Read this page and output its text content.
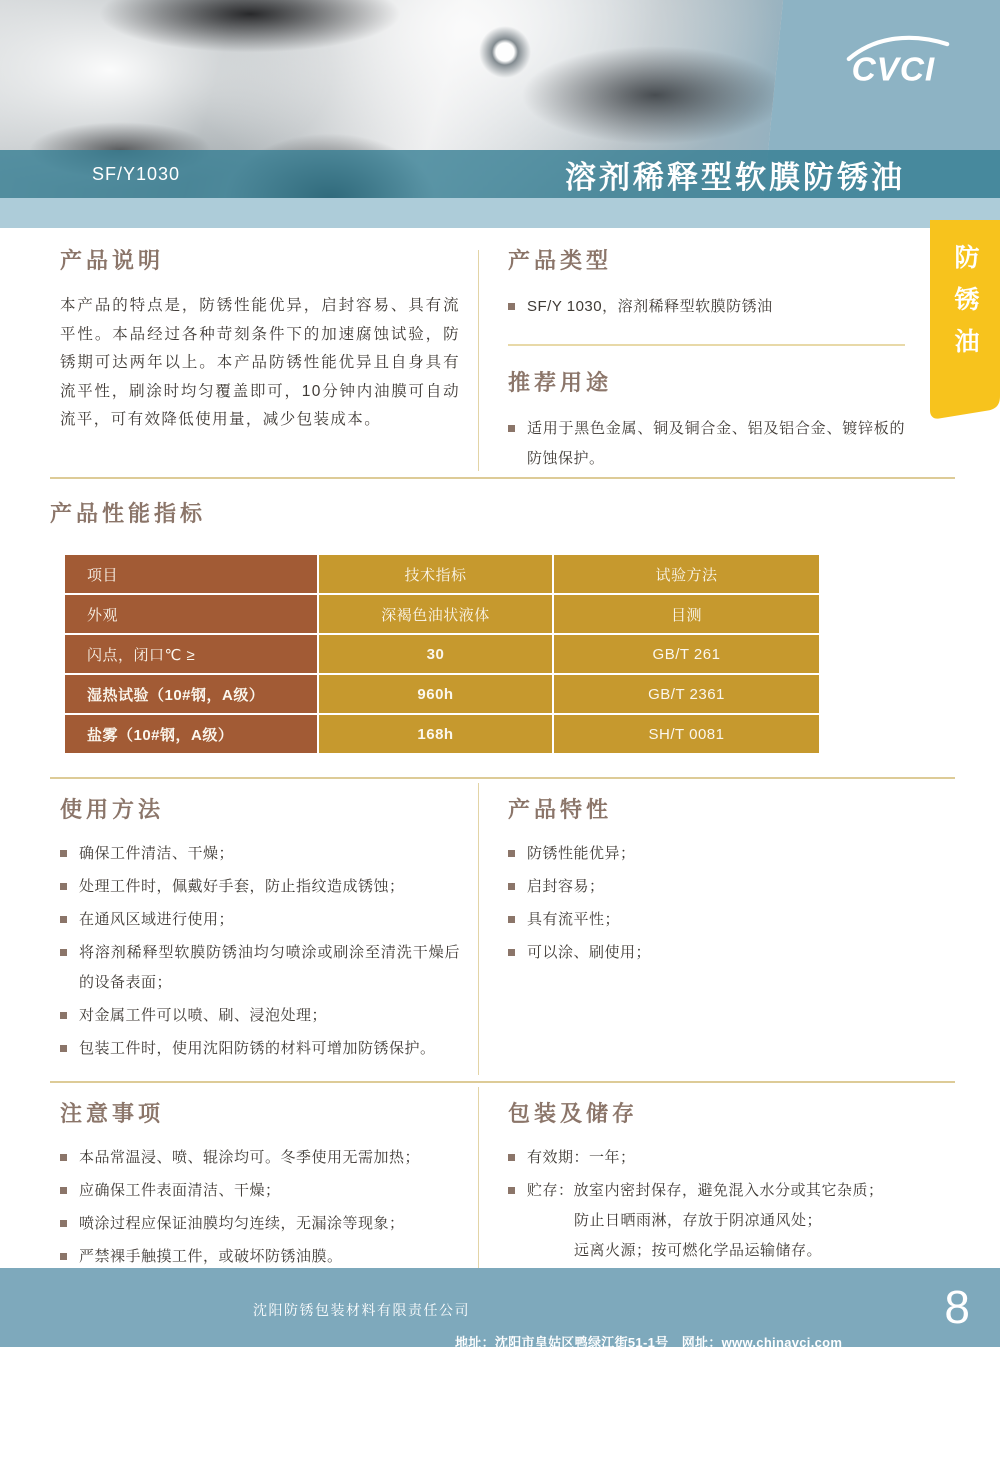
CVCI
SF/Y1030	溶剂稀释型软膜防锈油
防锈油
产品说明

本产品的特点是，防锈性能优异，启封容易、具有流平性。本品经过各种苛刻条件下的加速腐蚀试验，防锈期可达两年以上。本产品防锈性能优异且自身具有流平性，刷涂时均匀覆盖即可，10分钟内油膜可自动流平，可有效降低使用量，减少包装成本。

产品类型
SF/Y 1030，溶剂稀释型软膜防锈油
推荐用途
适用于黑色金属、铜及铜合金、铝及铝合金、镀锌板的防蚀保护。
产品性能指标
项目	技术指标	试验方法
外观	深褐色油状液体	目测
闪点，闭口℃ ≥	30	GB/T 261
湿热试验（10#钢，A级）	960h	GB/T 2361
盐雾（10#钢，A级）	168h	SH/T 0081
使用方法
确保工件清洁、干燥；
处理工件时，佩戴好手套，防止指纹造成锈蚀；
在通风区域进行使用；
将溶剂稀释型软膜防锈油均匀喷涂或刷涂至清洗干燥后的设备表面；
对金属工件可以喷、刷、浸泡处理；
包装工件时，使用沈阳防锈的材料可增加防锈保护。
产品特性
防锈性能优异；
启封容易；
具有流平性；
可以涂、刷使用；
注意事项
本品常温浸、喷、辊涂均可。冬季使用无需加热；
应确保工件表面清洁、干燥；
喷涂过程应保证油膜均匀连续，无漏涂等现象；
严禁裸手触摸工件，或破坏防锈油膜。
包装及储存
有效期：一年；
贮存：放室内密封保存，避免混入水分或其它杂质；
防止日晒雨淋，存放于阴凉通风处；
远离火源；按可燃化学品运输储存。
沈阳防锈包装材料有限责任公司

地址：沈阳市皇姑区鸭绿江街51-1号　网址：www.chinavci.com

电话：024-86617056　传真：024-86617354　邮编：110032

8
